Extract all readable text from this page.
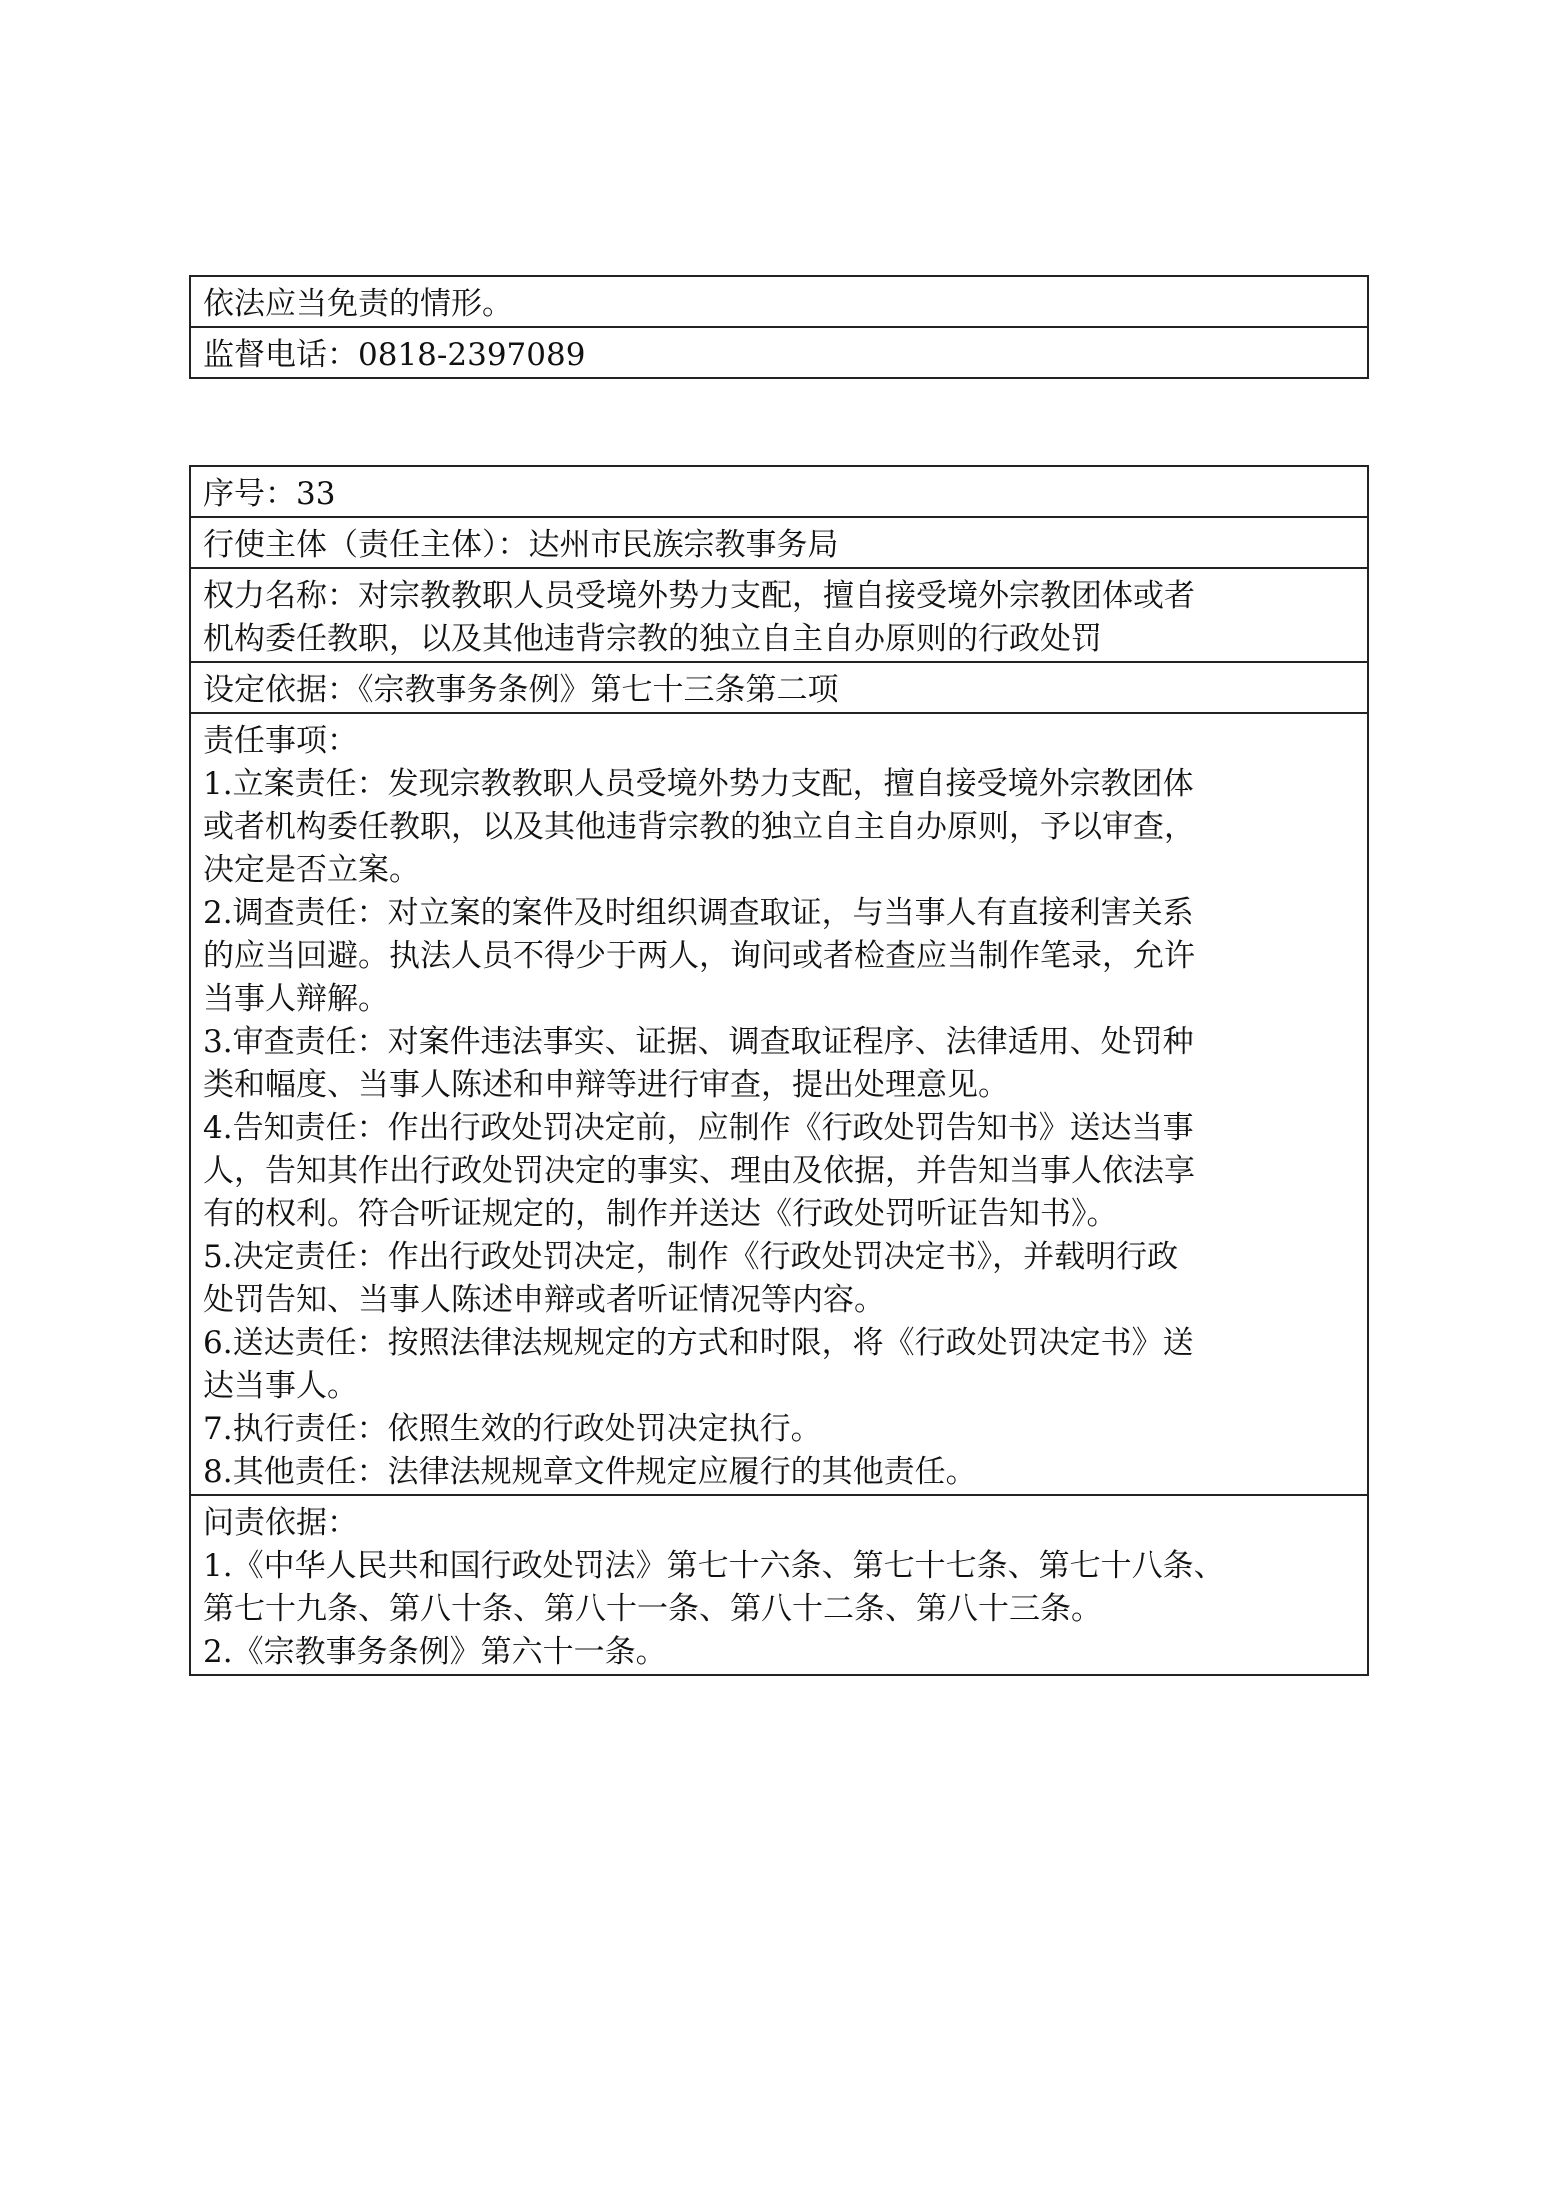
依法应当免责的情形。
监督电话：0818-2397089
序号：33
行使主体（责任主体）：达州市民族宗教事务局
权力名称：对宗教教职人员受境外势力支配，擅自接受境外宗教团体或者
机构委任教职，以及其他违背宗教的独立自主自办原则的行政处罚
设定依据：《宗教事务条例》第七十三条第二项
责任事项：
1.立案责任：发现宗教教职人员受境外势力支配，擅自接受境外宗教团体
或者机构委任教职，以及其他违背宗教的独立自主自办原则，予以审查，
决定是否立案。
2.调查责任：对立案的案件及时组织调查取证，与当事人有直接利害关系
的应当回避。执法人员不得少于两人，询问或者检查应当制作笔录，允许
当事人辩解。
3.审查责任：对案件违法事实、证据、调查取证程序、法律适用、处罚种
类和幅度、当事人陈述和申辩等进行审查，提出处理意见。
4.告知责任：作出行政处罚决定前，应制作《行政处罚告知书》送达当事
人，告知其作出行政处罚决定的事实、理由及依据，并告知当事人依法享
有的权利。符合听证规定的，制作并送达《行政处罚听证告知书》。
5.决定责任：作出行政处罚决定，制作《行政处罚决定书》，并载明行政
处罚告知、当事人陈述申辩或者听证情况等内容。
6.送达责任：按照法律法规规定的方式和时限，将《行政处罚决定书》送
达当事人。
7.执行责任：依照生效的行政处罚决定执行。
8.其他责任：法律法规规章文件规定应履行的其他责任。
问责依据：
1.《中华人民共和国行政处罚法》第七十六条、第七十七条、第七十八条、
第七十九条、第八十条、第八十一条、第八十二条、第八十三条。
2.《宗教事务条例》第六十一条。
